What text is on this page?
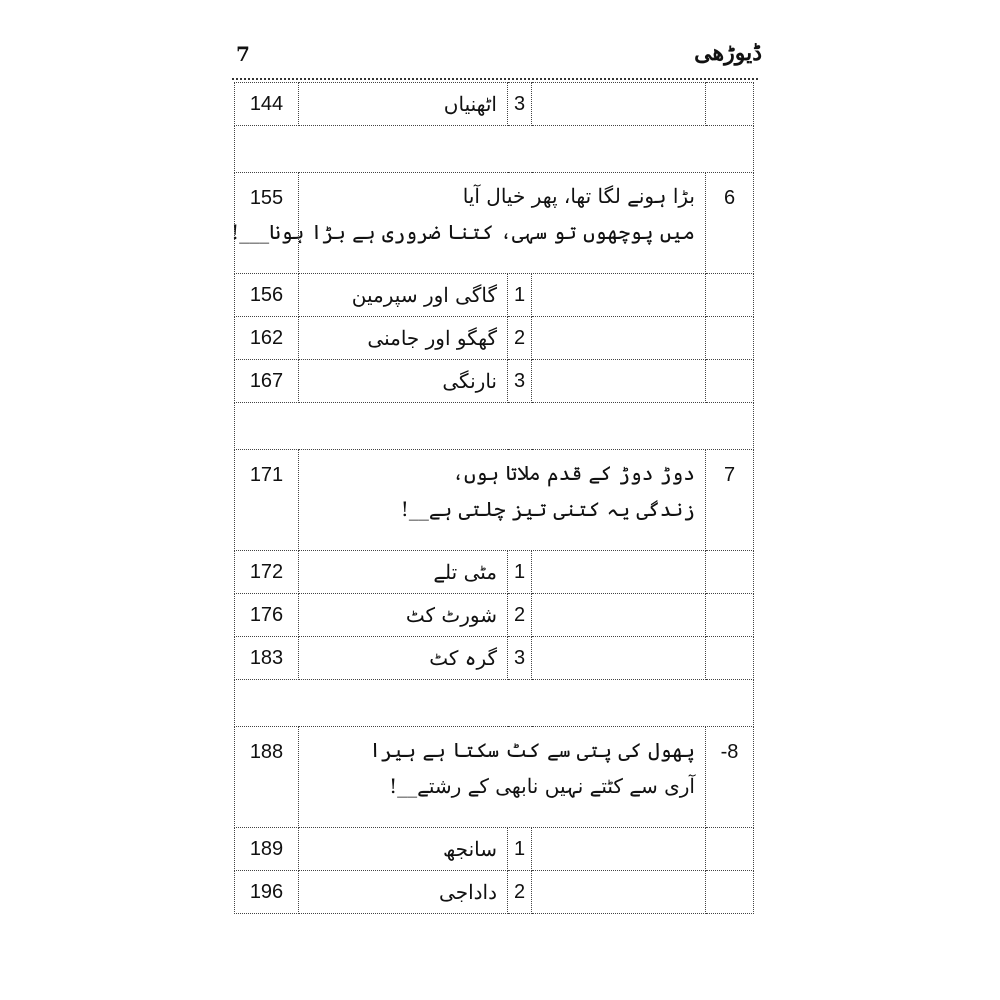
7	ڈیوڑھی
144	اٹھنیاں	3		

155	بڑا ہونے لگا تھا، پھر خیال آیا
میں پوچھوں تو سہی، کتنا ضروری ہے بڑا ہونا___!			6
156	گاگی اور سپرمین	1		
162	گھگو اور جامنی	2		
167	نارنگی	3		

171	دوڑ دوڑ کے قدم ملاتا ہوں،
زندگی یہ کتنی تیز چلتی ہے__!			7
172	مٹی تلے	1		
176	شورٹ کٹ	2		
183	گرہ کٹ	3		

188	پھول کی پتی سے کٹ سکتا ہے ہیرا
آری سے کٹتے نہیں نابھی کے رشتے__!			-8
189	سانجھ	1		
196	داداجی	2		
